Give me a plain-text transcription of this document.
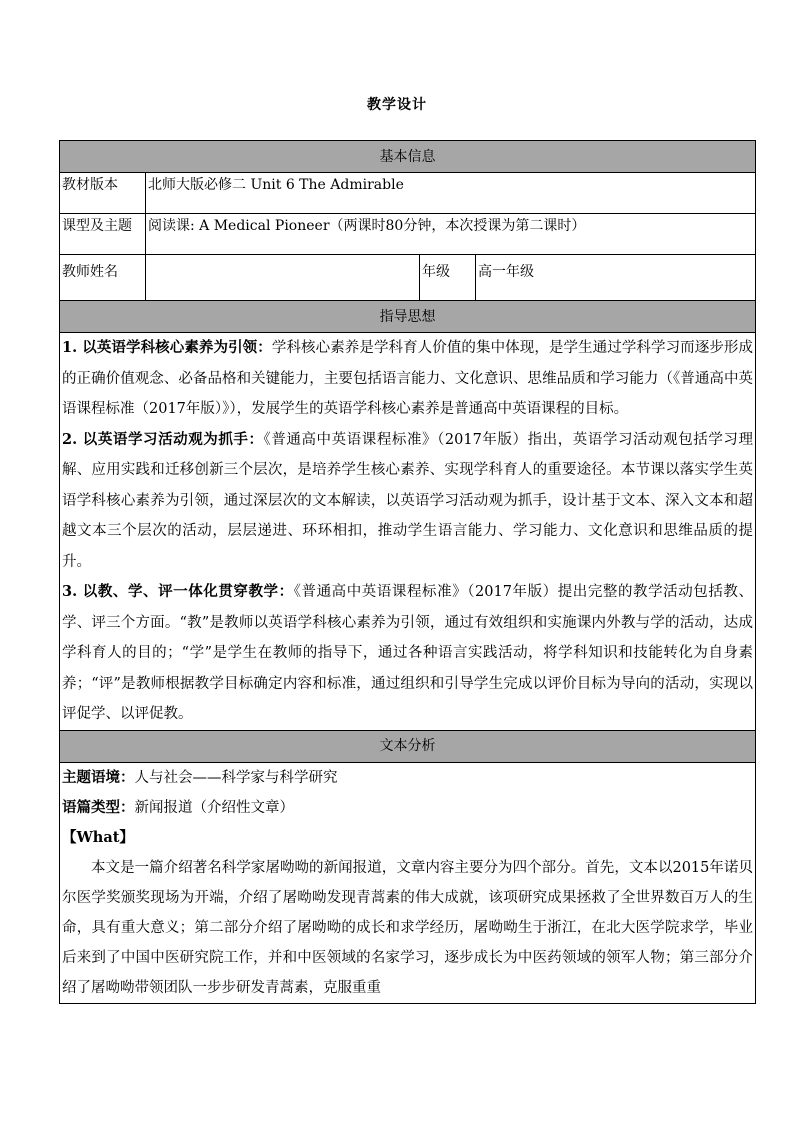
教学设计
基本信息			
教材版本	北师大版必修二 Unit 6 The Admirable		
课型及主题	阅读课: A Medical Pioneer（两课时80分钟，本次授课为第二课时）		
教师姓名		年级	高一年级
指导思想			

1. 以英语学科核心素养为引领：学科核心素养是学科育人价值的集中体现，是学生通过学科学习而逐步形成的正确价值观念、必备品格和关键能力，主要包括语言能力、文化意识、思维品质和学习能力（《普通高中英语课程标准（2017年版）》），发展学生的英语学科核心素养是普通高中英语课程的目标。

2. 以英语学习活动观为抓手：《普通高中英语课程标准》（2017年版）指出，英语学习活动观包括学习理解、应用实践和迁移创新三个层次，是培养学生核心素养、实现学科育人的重要途径。本节课以落实学生英语学科核心素养为引领，通过深层次的文本解读，以英语学习活动观为抓手，设计基于文本、深入文本和超越文本三个层次的活动，层层递进、环环相扣，推动学生语言能力、学习能力、文化意识和思维品质的提升。

3. 以教、学、评一体化贯穿教学：《普通高中英语课程标准》（2017年版）提出完整的教学活动包括教、学、评三个方面。“教”是教师以英语学科核心素养为引领，通过有效组织和实施课内外教与学的活动，达成学科育人的目的；“学”是学生在教师的指导下，通过各种语言实践活动，将学科知识和技能转化为自身素养；“评”是教师根据教学目标确定内容和标准，通过组织和引导学生完成以评价目标为导向的活动，实现以评促学、以评促教。			

文本分析			

主题语境：人与社会——科学家与科学研究

语篇类型：新闻报道（介绍性文章）

【What】

本文是一篇介绍著名科学家屠呦呦的新闻报道，文章内容主要分为四个部分。首先，文本以2015年诺贝尔医学奖颁奖现场为开端，介绍了屠呦呦发现青蒿素的伟大成就，该项研究成果拯救了全世界数百万人的生命，具有重大意义；第二部分介绍了屠呦呦的成长和求学经历，屠呦呦生于浙江，在北大医学院求学，毕业后来到了中国中医研究院工作，并和中医领域的名家学习，逐步成长为中医药领域的领军人物；第三部分介绍了屠呦呦带领团队一步步研发青蒿素，克服重重			
